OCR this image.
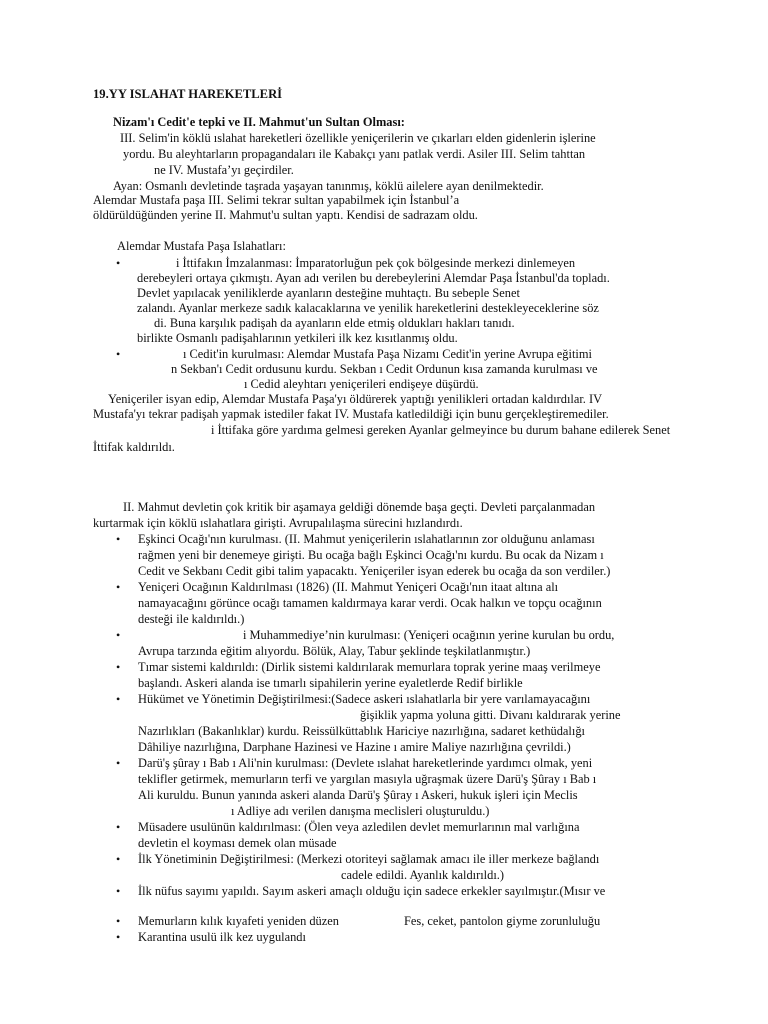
19.YY ISLAHAT HAREKETLERİ
Nizam'ı Cedit'e tepki ve II. Mahmut'un Sultan Olması:
III. Selim'in köklü ıslahat hareketleri özellikle yeniçerilerin ve çıkarları elden gidenlerin işlerine
yordu. Bu aleyhtarların propagandaları ile Kabakçı yanı patlak verdi. Asiler III. Selim tahttan
ne IV. Mustafa’yı geçirdiler.
Ayan: Osmanlı devletinde taşrada yaşayan tanınmış, köklü ailelere ayan denilmektedir.
Alemdar Mustafa paşa III. Selimi tekrar sultan yapabilmek için İstanbul’a
öldürüldüğünden yerine II. Mahmut'u sultan yaptı. Kendisi de sadrazam oldu.
Alemdar Mustafa Paşa Islahatları:
•	i İttifakın İmzalanması: İmparatorluğun pek çok bölgesinde merkezi dinlemeyen
derebeyleri ortaya çıkmıştı. Ayan adı verilen bu derebeylerini Alemdar Paşa İstanbul'da topladı.
Devlet yapılacak yeniliklerde ayanların desteğine muhtaçtı. Bu sebeple Senet
zalandı. Ayanlar merkeze sadık kalacaklarına ve yenilik hareketlerini destekleyeceklerine söz
di. Buna karşılık padişah da ayanların elde etmiş oldukları hakları tanıdı.
birlikte Osmanlı padişahlarının yetkileri ilk kez kısıtlanmış oldu.
•	ı Cedit'in kurulması: Alemdar Mustafa Paşa Nizamı Cedit'in yerine Avrupa eğitimi
n Sekban'ı Cedit ordusunu kurdu. Sekban ı Cedit Ordunun kısa zamanda kurulması ve
ı Cedid aleyhtarı yeniçerileri endişeye düşürdü.
Yeniçeriler isyan edip, Alemdar Mustafa Paşa'yı öldürerek yaptığı yenilikleri ortadan kaldırdılar. IV
Mustafa'yı tekrar padişah yapmak istediler fakat IV. Mustafa katledildiği için bunu gerçekleştiremediler.
i İttifaka göre yardıma gelmesi gereken Ayanlar gelmeyince bu durum bahane edilerek Senet
İttifak kaldırıldı.
II. Mahmut devletin çok kritik bir aşamaya geldiği dönemde başa geçti. Devleti parçalanmadan
kurtarmak için köklü ıslahatlara girişti. Avrupalılaşma sürecini hızlandırdı.
• Eşkinci Ocağı'nın kurulması. (II. Mahmut yeniçerilerin ıslahatlarının zor olduğunu anlaması
rağmen yeni bir denemeye girişti. Bu ocağa bağlı Eşkinci Ocağı'nı kurdu. Bu ocak da Nizam ı
Cedit ve Sekbanı Cedit gibi talim yapacaktı. Yeniçeriler isyan ederek bu ocağa da son verdiler.)
• Yeniçeri Ocağının Kaldırılması (1826) (II. Mahmut Yeniçeri Ocağı'nın itaat altına alı
namayacağını görünce ocağı tamamen kaldırmaya karar verdi. Ocak halkın ve topçu ocağının
desteği ile kaldırıldı.)
•	i Muhammediye’nin kurulması: (Yeniçeri ocağının yerine kurulan bu ordu,
Avrupa tarzında eğitim alıyordu. Bölük, Alay, Tabur şeklinde teşkilatlanmıştır.)
• Tımar sistemi kaldırıldı: (Dirlik sistemi kaldırılarak memurlara toprak yerine maaş verilmeye
başlandı. Askeri alanda ise tımarlı sipahilerin yerine eyaletlerde Redif birlikle
• Hükümet ve Yönetimin Değiştirilmesi:(Sadece askeri ıslahatlarla bir yere varılamayacağını
ğişiklik yapma yoluna gitti. Divanı kaldırarak yerine
Nazırlıkları (Bakanlıklar) kurdu. Reissülküttablık Hariciye nazırlığına, sadaret kethüdalığı
Dâhiliye nazırlığına, Darphane Hazinesi ve Hazine ı amire Maliye nazırlığına çevrildi.)
• Darü'ş şûray ı Bab ı Ali'nin kurulması: (Devlete ıslahat hareketlerinde yardımcı olmak, yeni
teklifler getirmek, memurların terfi ve yargılan masıyla uğraşmak üzere Darü'ş Şûray ı Bab ı
Ali kuruldu. Bunun yanında askeri alanda Darü'ş Şûray ı Askeri, hukuk işleri için Meclis
ı Adliye adı verilen danışma meclisleri oluşturuldu.)
• Müsadere usulünün kaldırılması: (Ölen veya azledilen devlet memurlarının mal varlığına
devletin el koyması demek olan müsade
• İlk Yönetiminin Değiştirilmesi: (Merkezi otoriteyi sağlamak amacı ile iller merkeze bağlandı
cadele edildi. Ayanlık kaldırıldı.)
• İlk nüfus sayımı yapıldı. Sayım askeri amaçlı olduğu için sadece erkekler sayılmıştır.(Mısır ve
• Memurların kılık kıyafeti yeniden düzen	Fes, ceket, pantolon giyme zorunluluğu
• Karantina usulü ilk kez uygulandı
